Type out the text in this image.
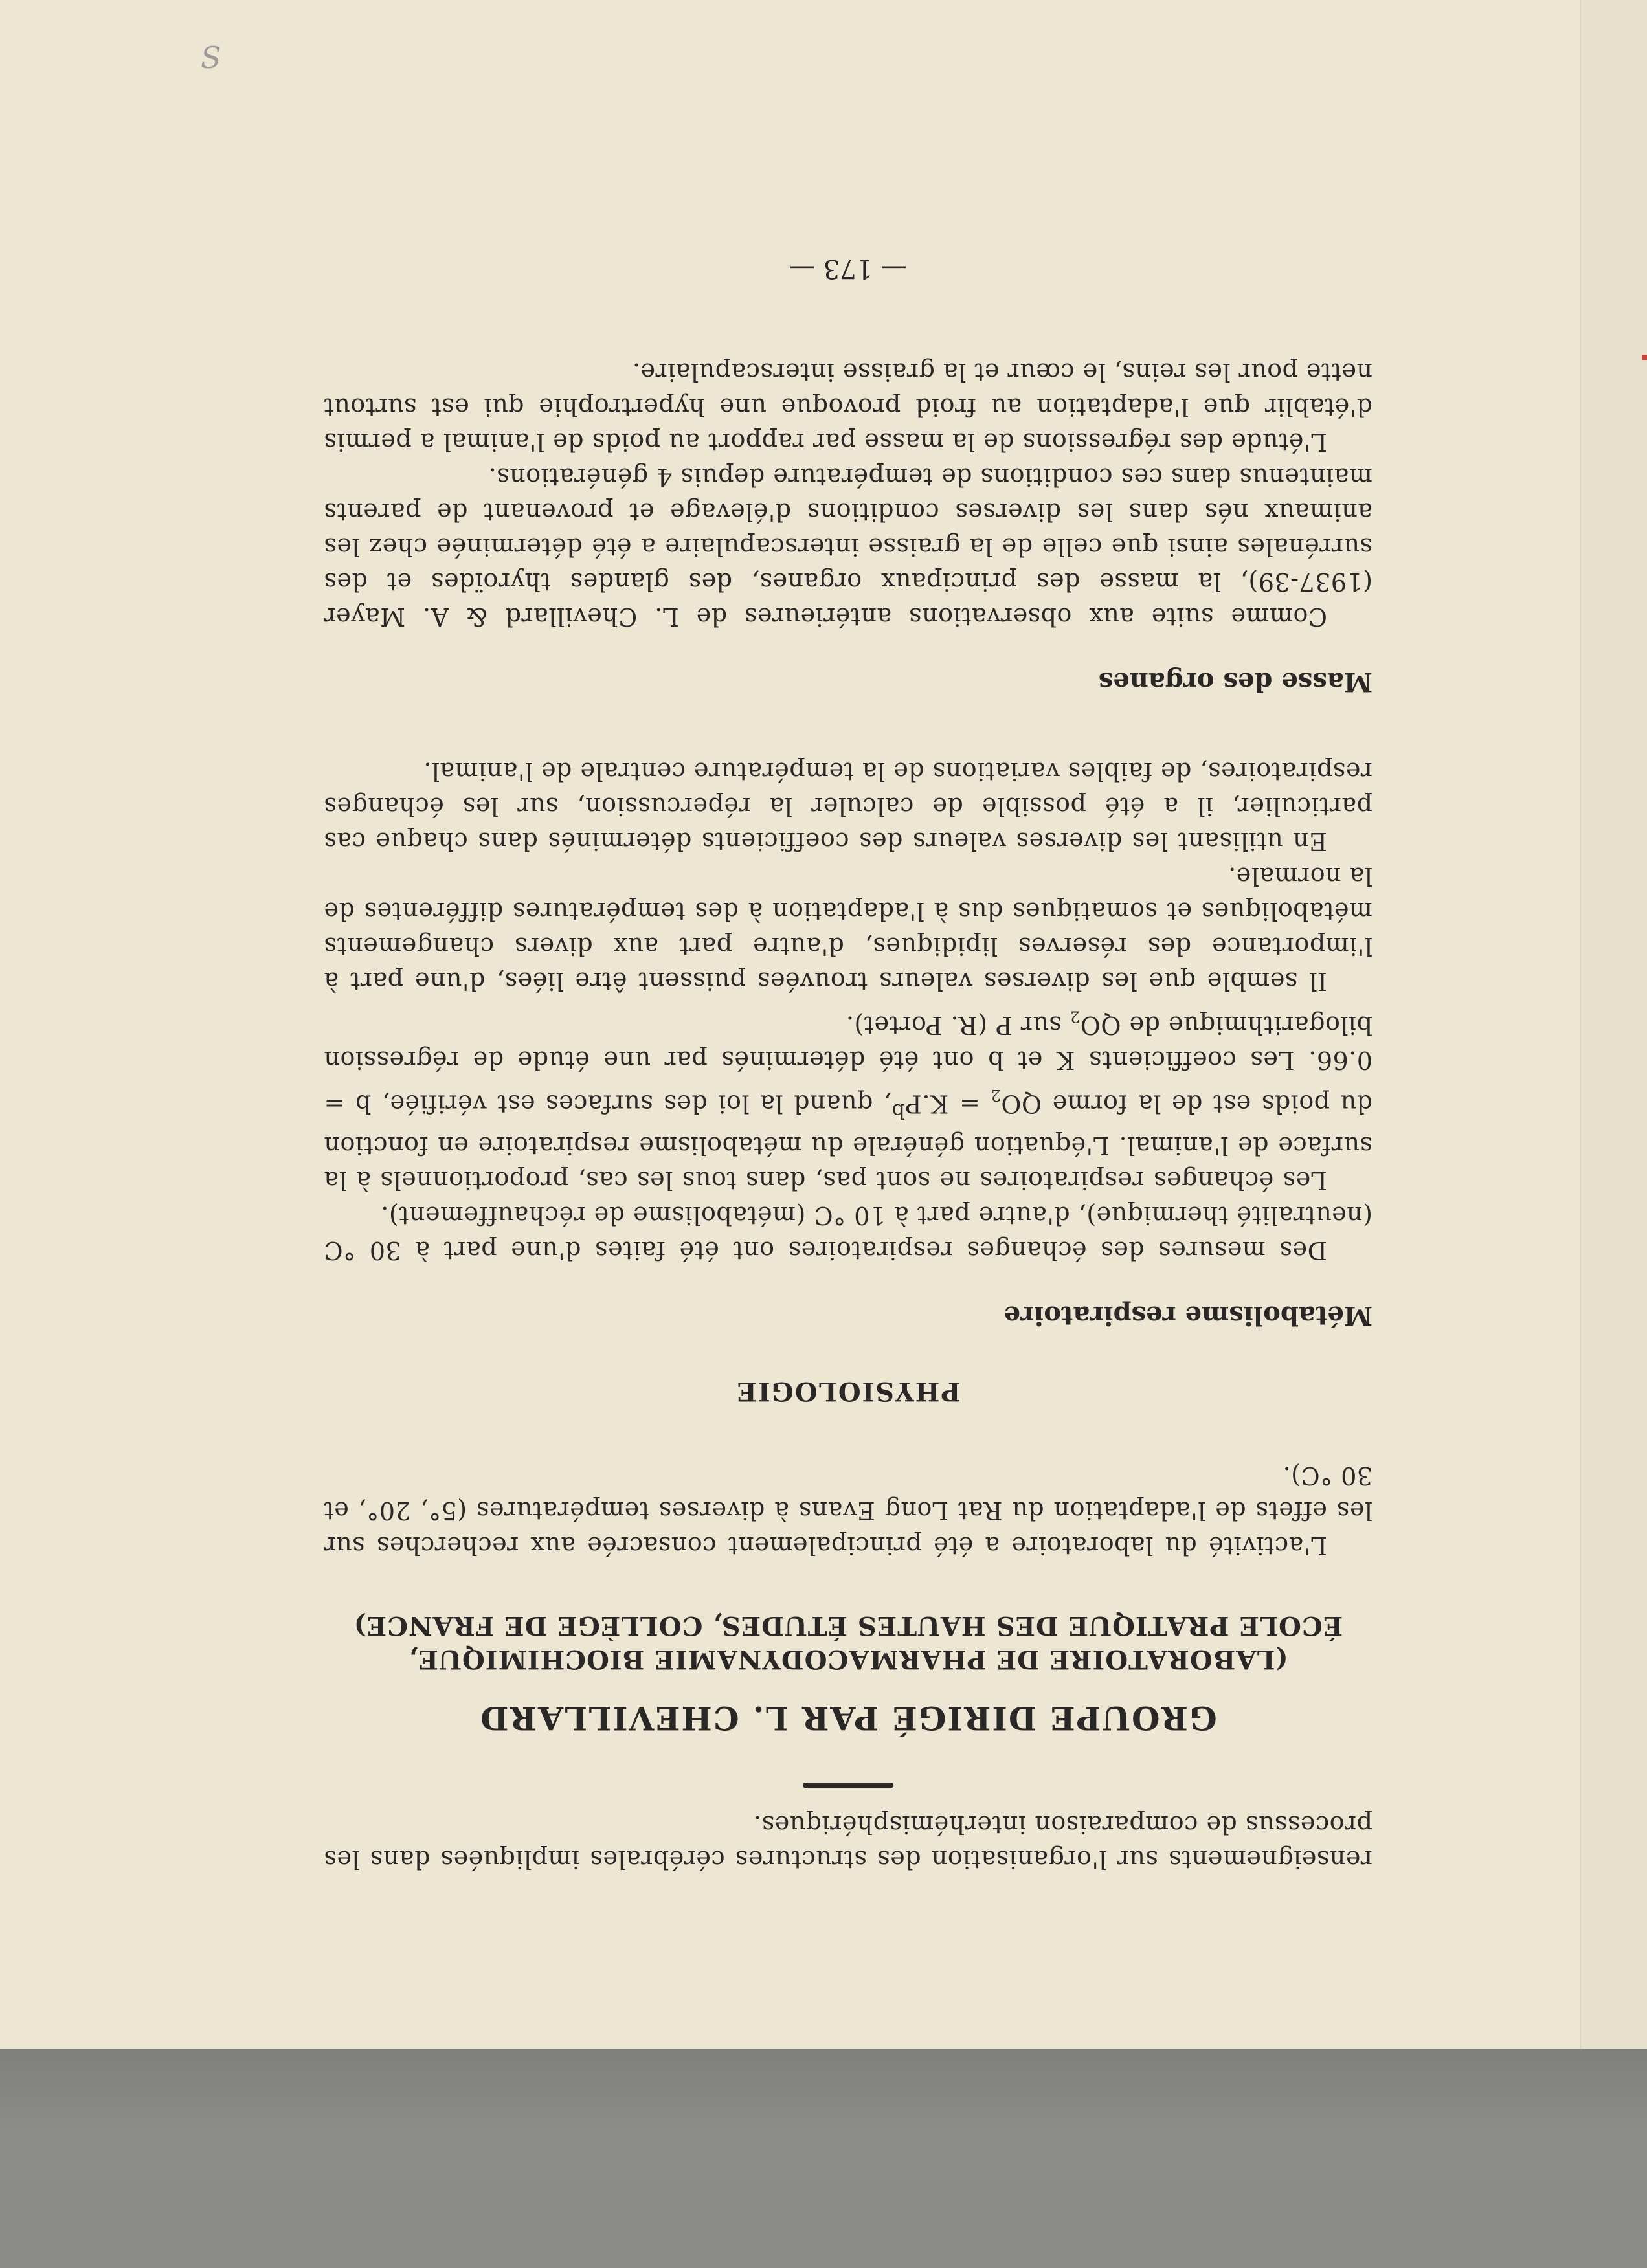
S

renseignements sur l'organisation des structures cérébrales impliquées dans les processus de comparaison interhémisphériques.

GROUPE DIRIGÉ PAR L. CHEVILLARD
(LABORATOIRE DE PHARMACODYNAMIE BIOCHIMIQUE,
ÉCOLE PRATIQUE DES HAUTES ÉTUDES, COLLÈGE DE FRANCE)

L'activité du laboratoire a été principalement consacrée aux recherches sur les effets de l'adaptation du Rat Long Evans à diverses températures (5°, 20°, et 30 °C).

PHYSIOLOGIE
Métabolisme respiratoire

Des mesures des échanges respiratoires ont été faites d'une part à 30 °C (neutralité thermique), d'autre part à 10 °C (métabolisme de réchauffement).

Les échanges respiratoires ne sont pas, dans tous les cas, proportionnels à la surface de l'animal. L'équation générale du métabolisme respiratoire en fonction du poids est de la forme $QO_2 = K.P^b$, quand la loi des surfaces est vérifiée, b = 0.66. Les coefficients K et b ont été déterminés par une étude de régression bilogarithmique de $QO_2$ sur P (R. Portet).

Il semble que les diverses valeurs trouvées puissent être liées, d'une part à l'importance des réserves lipidiques, d'autre part aux divers changements métaboliques et somatiques dus à l'adaptation à des températures différentes de la normale.

En utilisant les diverses valeurs des coefficients déterminés dans chaque cas particulier, il a été possible de calculer la répercussion, sur les échanges respiratoires, de faibles variations de la température centrale de l'animal.

Masse des organes

Comme suite aux observations antérieures de L. Chevillard & A. Mayer (1937-39), la masse des principaux organes, des glandes thyroïdes et des surrénales ainsi que celle de la graisse interscapulaire a été déterminée chez les animaux nés dans les diverses conditions d'élevage et provenant de parents maintenus dans ces conditions de température depuis 4 générations.

L'étude des régressions de la masse par rapport au poids de l'animal a permis d'établir que l'adaptation au froid provoque une hypertrophie qui est surtout nette pour les reins, le cœur et la graisse interscapulaire.

— 173 —
